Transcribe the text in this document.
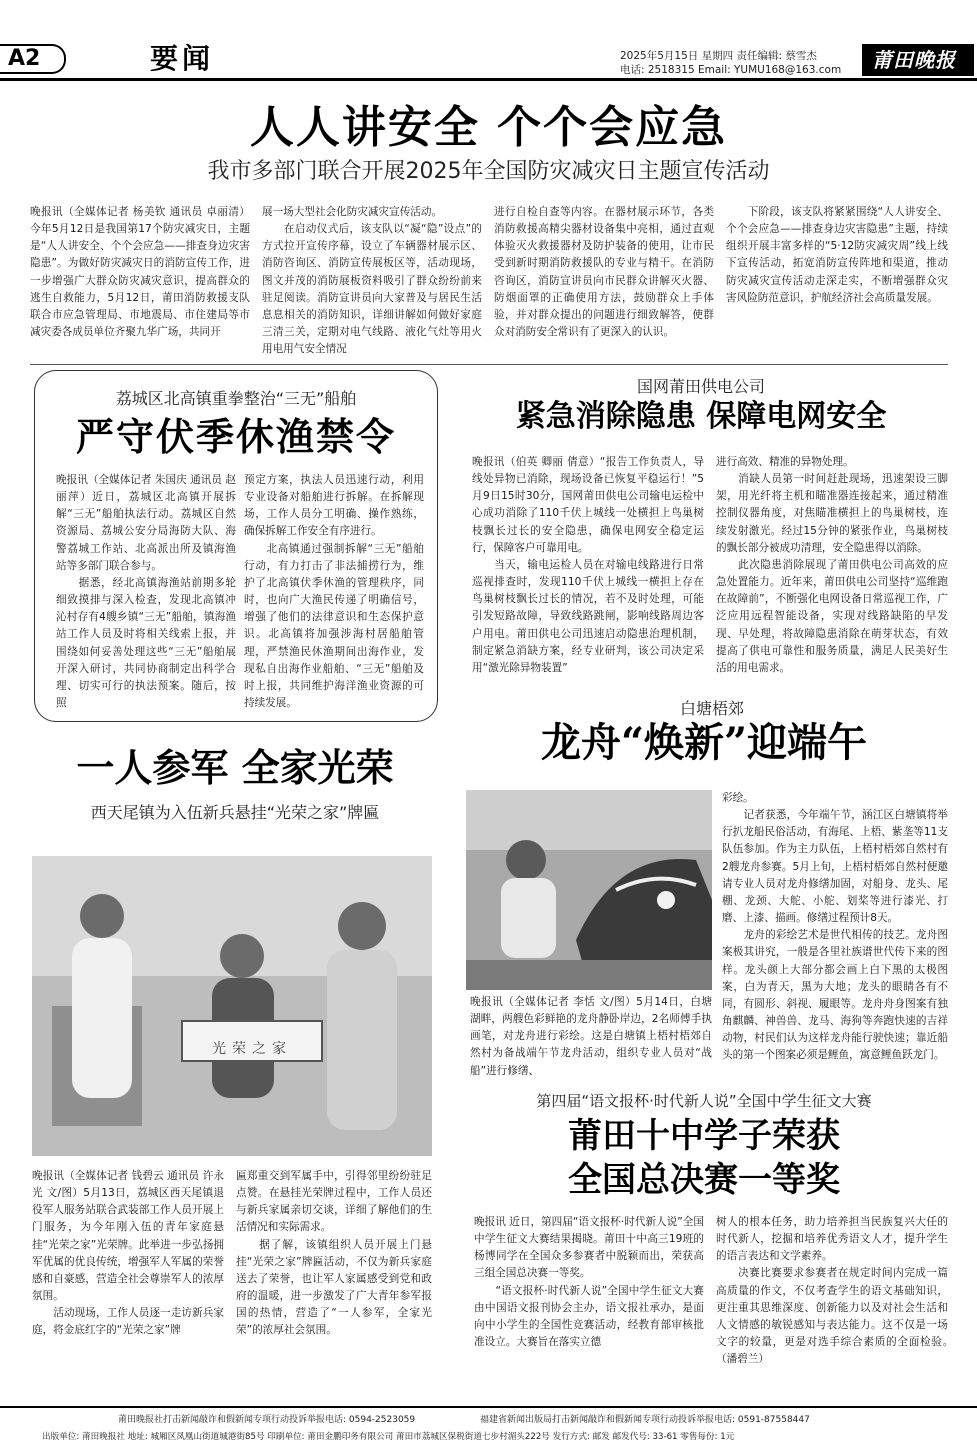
A2	要闻	2025年5月15日 星期四 责任编辑: 蔡雪杰
电话: 2518315 Email: YUMU168@163.com 莆田晚报
人人讲安全 个个会应急
我市多部门联合开展2025年全国防灾减灾日主题宣传活动
晚报讯（全媒体记者 杨美钦 通讯员 卓丽清）今年5月12日是我国第17个防灾减灾日，主题是“人人讲安全、个个会应急——排查身边灾害隐患”。为做好防灾减灾日的消防宣传工作，进一步增强广大群众防灾减灾意识，提高群众的逃生自救能力，5月12日，莆田消防救援支队联合市应急管理局、市地震局、市住建局等市减灾委各成员单位齐聚九华广场，共同开
展一场大型社会化防灾减灾宣传活动。
　　在启动仪式后，该支队以“凝“隐”设点”的方式拉开宣传序幕，设立了车辆器材展示区、消防咨询区、消防宣传展板区等，活动现场，图文并茂的消防展板资料吸引了群众纷纷前来驻足阅读。消防宣讲员向大家普及与居民生活息息相关的消防知识，详细讲解如何做好家庭三清三关，定期对电气线路、液化气灶等用火用电用气安全情况
进行自检自查等内容。在器材展示环节，各类消防救援高精尖器材设备集中亮相，通过直观体验灭火救援器材及防护装备的使用，让市民受到新时期消防救援队的专业与精干。在消防咨询区，消防宣讲员向市民群众讲解灭火器、防烟面罩的正确使用方法，鼓励群众上手体验，并对群众提出的问题进行细致解答，使群众对消防安全常识有了更深入的认识。
　　下阶段，该支队将紧紧围绕“人人讲安全、个个会应急——排查身边灾害隐患”主题，持续组织开展丰富多样的“5·12防灾减灾周”线上线下宣传活动，拓宽消防宣传阵地和渠道，推动防灾减灾宣传活动走深走实，不断增强群众灾害风险防范意识，护航经济社会高质量发展。
荔城区北高镇重拳整治“三无”船舶
严守伏季休渔禁令
晚报讯（全媒体记者 朱国庆 通讯员 赵丽萍）近日，荔城区北高镇开展拆解“三无”船舶执法行动。荔城区自然资源局、荔城公安分局海防大队、海警荔城工作站、北高派出所及镇海渔站等多部门联合参与。
　　据悉，经北高镇海渔站前期多轮细致摸排与深入检查，发现北高镇冲沁村存有4艘乡镇“三无”船舶，镇海渔站工作人员及时将相关线索上报，并围绕如何妥善处理这些“三无”船舶展开深入研讨，共同协商制定出科学合理、切实可行的执法预案。随后，按照
预定方案，执法人员迅速行动，利用专业设备对船舶进行拆解。在拆解现场，工作人员分工明确、操作熟练，确保拆解工作安全有序进行。
　　北高镇通过强制拆解“三无”船舶行动，有力打击了非法捕捞行为，维护了北高镇伏季休渔的管理秩序，同时，也向广大渔民传递了明确信号，增强了他们的法律意识和生态保护意识。北高镇将加强涉海村居船舶管理，严禁渔民休渔期间出海作业，发现私自出海作业船舶、“三无”船舶及时上报，共同维护海洋渔业资源的可持续发展。
国网莆田供电公司
紧急消除隐患 保障电网安全
晚报讯（伯英 卿丽 倩意）“报告工作负责人，导线处异物已消除，现场设备已恢复平稳运行！”5月9日15时30分，国网莆田供电公司输电运检中心成功消除了110千伏上城线一处横担上鸟巢树枝飘长过长的安全隐患，确保电网安全稳定运行，保障客户可靠用电。
　　当天，输电运检人员在对输电线路进行日常巡视排查时，发现110千伏上城线一横担上存在鸟巢树枝飘长过长的情况，若不及时处理，可能引发短路故障，导致线路跳闸，影响线路周边客户用电。莆田供电公司迅速启动隐患治理机制，制定紧急消缺方案，经专业研判，该公司决定采用“激光除异物装置”
进行高效、精准的异物处理。
　　消缺人员第一时间赶赴现场，迅速架设三脚架，用光纤将主机和瞄准器连接起来，通过精准控制仪器角度，对焦瞄准横担上的鸟巢树枝，连续发射激光。经过15分钟的紧张作业，鸟巢树枝的飘长部分被成功清理，安全隐患得以消除。
　　此次隐患消除展现了莆田供电公司高效的应急处置能力。近年来，莆田供电公司坚持“巡维跑在故障前”，不断强化电网设备日常巡视工作，广泛应用远程智能设备，实现对线路缺陷的早发现、早处理，将故障隐患消除在萌芽状态，有效提高了供电可靠性和服务质量，满足人民美好生活的用电需求。
白塘梧郊
龙舟“焕新”迎端午
晚报讯（全媒体记者 李恬 文/图）5月14日，白塘湖畔，两艘色彩鲜艳的龙舟静卧岸边，2名师傅手执画笔，对龙舟进行彩绘。这是白塘镇上梧村梧郊自然村为备战端午节龙舟活动，组织专业人员对“战船”进行修缮、
彩绘。
　　记者获悉，今年端午节，涵江区白塘镇将举行扒龙船民俗活动，有海尾、上梧、紫垄等11支队伍参加。作为主力队伍，上梧村梧郊自然村有2艘龙舟参赛。5月上旬，上梧村梧郊自然村便邀请专业人员对龙舟修缮加固，对船身、龙头、尾棚、龙颈、大舵、小舵、划桨等进行漆光、打磨、上漆、描画。修缮过程预计8天。
　　龙舟的彩绘艺术是世代相传的技艺。龙舟图案极其讲究，一般是各里社族谱世代传下来的图样。龙头颜上大部分都会画上白下黑的太极图案，白为青天，黑为大地；龙头的眼睛各有不同，有圆形、斜视、履眼等。龙舟舟身图案有独角麒麟、神兽兽、龙马、海狗等奔跑快速的吉祥动物，村民们认为这样龙舟能行驶快速；靠近船头的第一个图案必须是鲤鱼，寓意鲤鱼跃龙门。
一人参军 全家光荣
西天尾镇为入伍新兵悬挂“光荣之家”牌匾
光荣之家
晚报讯（全媒体记者 钱碧云 通讯员 许永光 文/图）5月13日，荔城区西天尾镇退役军人服务站联合武装部工作人员开展上门服务，为今年刚入伍的青年家庭悬挂“光荣之家”光荣牌。此举进一步弘扬拥军优属的优良传统，增强军人军属的荣誉感和自豪感，营造全社会尊崇军人的浓厚氛围。
　　活动现场，工作人员逐一走访新兵家庭，将金底红字的“光荣之家”牌
匾郑重交到军属手中，引得邻里纷纷驻足点赞。在悬挂光荣牌过程中，工作人员还与新兵家属亲切交谈，详细了解他们的生活情况和实际需求。
　　据了解，该镇组织人员开展上门悬挂“光荣之家”牌匾活动，不仅为新兵家庭送去了荣誉，也让军人家属感受到党和政府的温暖，进一步激发了广大青年参军报国的热情，营造了“一人参军，全家光荣”的浓厚社会氛围。
第四届“语文报杯·时代新人说”全国中学生征文大赛
莆田十中学子荣获
全国总决赛一等奖
晚报讯 近日，第四届“语文报杯·时代新人说”全国中学生征文大赛结果揭晓。莆田十中高三19班的杨博同学在全国众多参赛者中脱颖而出，荣获高三组全国总决赛一等奖。
　　“语文报杯·时代新人说”全国中学生征文大赛由中国语文报刊协会主办，语文报社承办，是面向中小学生的全国性竞赛活动，经教育部审核批准设立。大赛旨在落实立德
树人的根本任务，助力培养担当民族复兴大任的时代新人，挖掘和培养优秀语文人才，提升学生的语言表达和文学素养。
　　决赛比赛要求参赛者在规定时间内完成一篇高质量的作文，不仅考查学生的语文基础知识，更注重其思维深度、创新能力以及对社会生活和人文情感的敏锐感知与表达能力。这不仅是一场文字的较量，更是对选手综合素质的全面检验。　（潘碧兰）
莆田晚报社打击新闻敲诈和假新闻专项行动投诉举报电话: 0594-2523059	福建省新闻出版局打击新闻敲诈和假新闻专项行动投诉举报电话: 0591-87558447
出版单位: 莆田晚报社 地址: 城厢区凤凰山街道城港街85号 印刷单位: 莆田金鹏印务有限公司 莆田市荔城区保税街道七步村湄头222号 发行方式: 邮发 邮发代号: 33-61 零售每份: 1元
